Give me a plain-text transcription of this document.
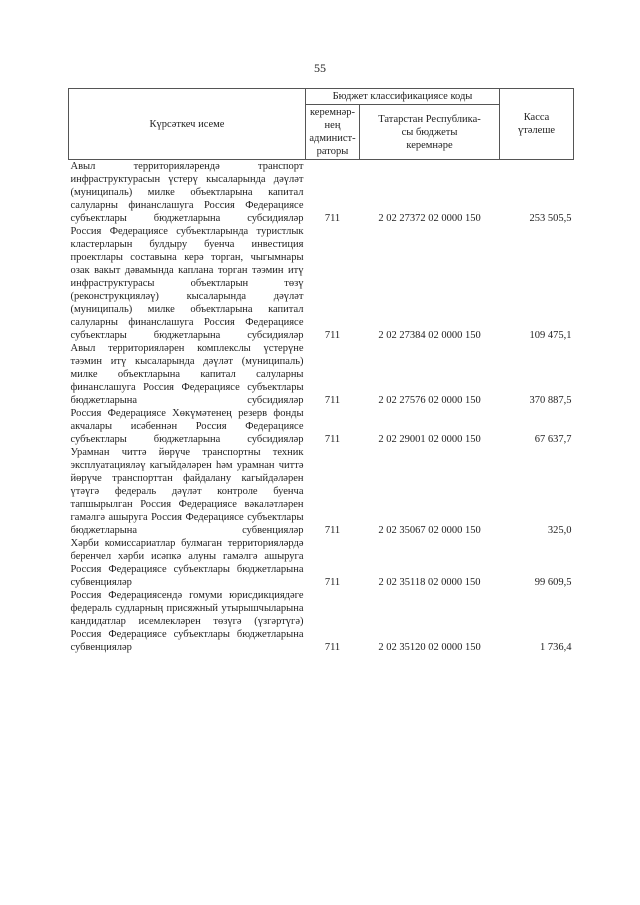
55
Күрсәткеч исеме	Бюджет классификациясе коды		Касса
үтәлеше
	керемнәр-
нең
админист-
раторы	Татарстан Республика-
сы бюджеты
керемнәре	

Авыл территорияләрендә транспорт инфраструктурасын үстерү кысаларында дәүләт (муниципаль) милке объектларына капитал салуларны финанслашуга Россия Федерациясе субъектлары бюджетларына субсидияләр	711	2 02 27372 02 0000 150	253 505,5

Россия Федерациясе субъектларында туристлык кластерларын булдыру буенча инвестиция проектлары составына керә торган, чыгымнары озак вакыт дәвамында каплана торган тәэмин итү инфраструктурасы объектларын төзү (реконструкцияләү) кысаларында дәүләт (муниципаль) милке объектларына капитал салуларны финанслашуга Россия Федерациясе субъектлары бюджетларына субсидияләр	711	2 02 27384 02 0000 150	109 475,1

Авыл территорияләрен комплекслы үстерүне тәэмин итү кысаларында дәүләт (муниципаль) милке объектларына капитал салуларны финанслашуга Россия Федерациясе субъектлары бюджетларына субсидияләр	711	2 02 27576 02 0000 150	370 887,5

Россия Федерациясе Хөкүмәтенең резерв фонды акчалары исәбеннән Россия Федерациясе субъектлары бюджетларына субсидияләр	711	2 02 29001 02 0000 150	67 637,7

Урамнан читтә йөрүче транспортны техник эксплуатацияләү кагыйдәләрен һәм урамнан читтә йөрүче транспорттан файдалану кагыйдәләрен үтәүгә федераль дәүләт контроле буенча тапшырылган Россия Федерациясе вәкаләтләрен гамәлгә ашыруга Россия Федерациясе субъектлары бюджетларына субвенцияләр	711	2 02 35067 02 0000 150	325,0

Хәрби комиссариатлар булмаган территорияләрдә беренчел хәрби исәпкә алуны гамәлгә ашыруга Россия Федерациясе субъектлары бюджетларына субвенцияләр	711	2 02 35118 02 0000 150	99 609,5

Россия Федерациясендә гомуми юрисдикциядәге федераль судларның присяжный утырышчыларына кандидатлар исемлекләрен төзүгә (үзгәртүгә) Россия Федерациясе субъектлары бюджетларына субвенцияләр	711	2 02 35120 02 0000 150	1 736,4
